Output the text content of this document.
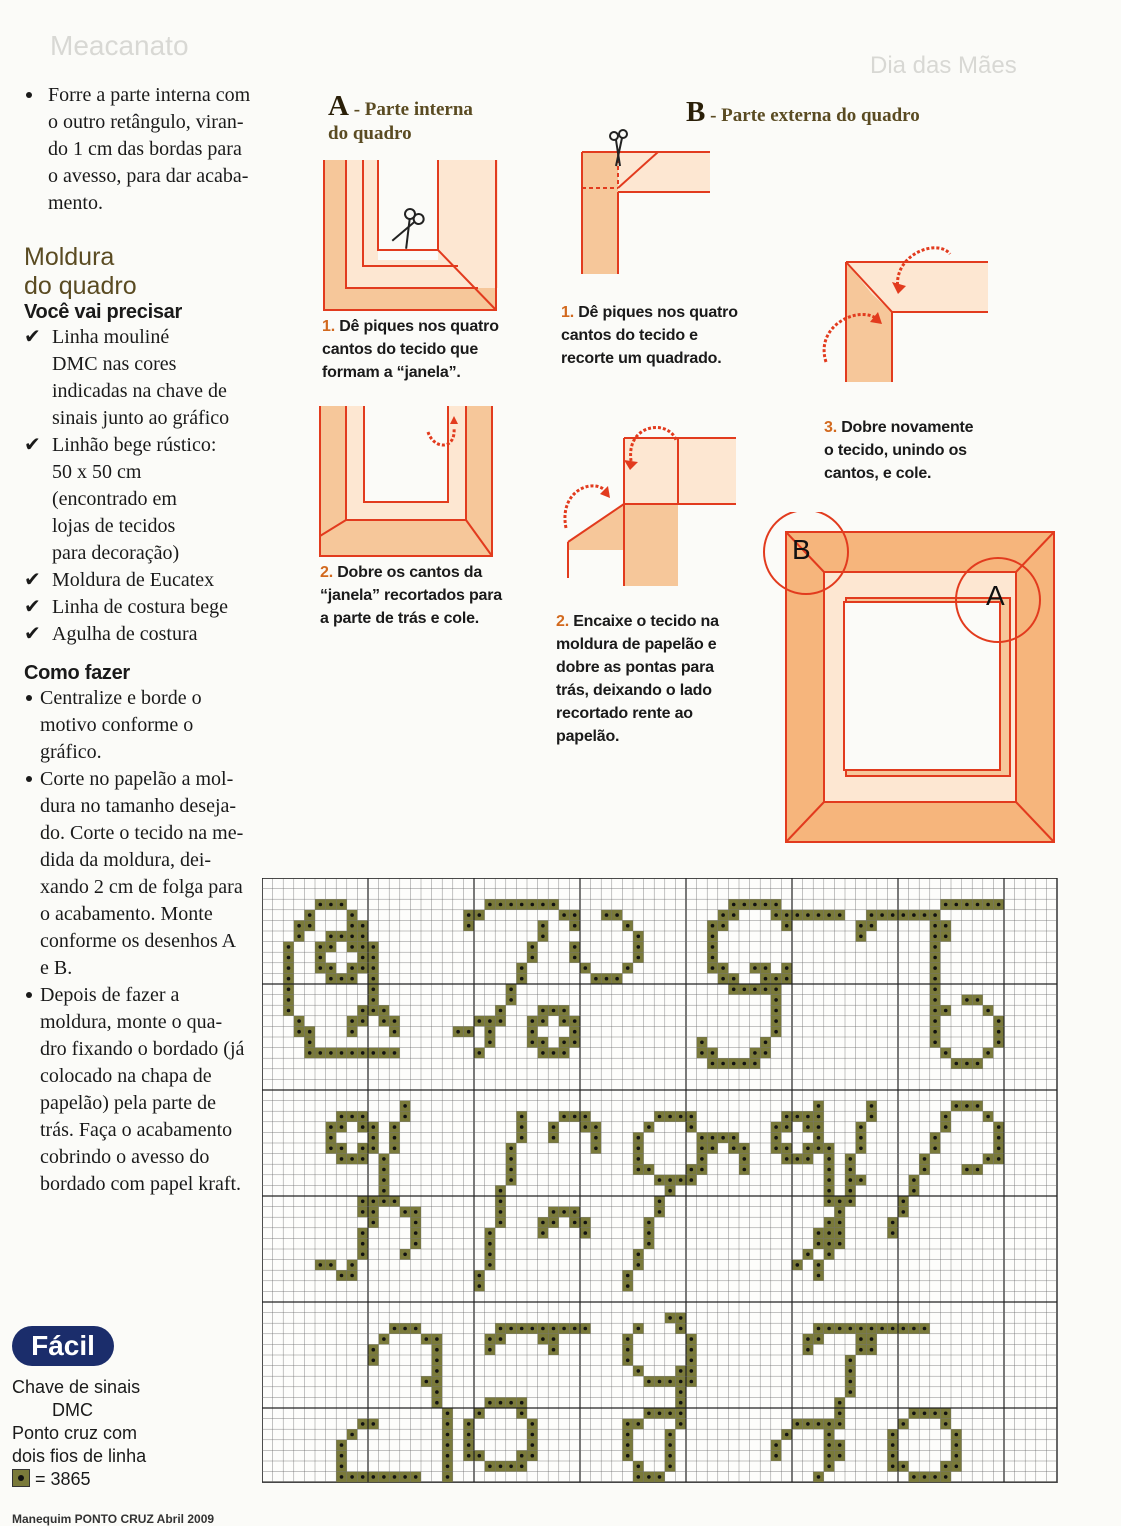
Meacanato
Dia das Mães

Forre a parte interna com

o outro retângulo, viran-

do 1 cm das bordas para

o avesso, para dar acaba-

mento.

Moldura
do quadro
Você vai precisar
✔ Linha mouliné

DMC nas cores

indicadas na chave de

sinais junto ao gráfico

✔ Linhão bege rústico:

50 x 50 cm

(encontrado em

lojas de tecidos

para decoração)

✔ Moldura de Eucatex

✔ Linha de costura bege

✔ Agulha de costura

Como fazer

Centralize e borde o

motivo conforme o

gráfico.

Corte no papelão a mol-

dura no tamanho deseja-

do. Corte o tecido na me-

dida da moldura, dei-

xando 2 cm de folga para

o acabamento. Monte

conforme os desenhos A

e B.

Depois de fazer a

moldura, monte o qua-

dro fixando o bordado (já

colocado na chapa de

papelão) pela parte de

trás. Faça o acabamento

cobrindo o avesso do

bordado com papel kraft.

Fácil
Chave de sinais
DMC
Ponto cruz com
dois fios de linha
= 3865
Manequim PONTO CRUZ Abril 2009
A - Parte interna
do quadro
B - Parte externa do quadro
1. Dê piques nos quatro
cantos do tecido que
formam a “janela”.
2. Dobre os cantos da
“janela” recortados para
a parte de trás e cole.
1. Dê piques nos quatro
cantos do tecido e
recorte um quadrado.
3. Dobre novamente
o tecido, unindo os
cantos, e cole.
2. Encaixe o tecido na
moldura de papelão e
dobre as pontas para
trás, deixando o lado
recortado rente ao
papelão.
B
A
